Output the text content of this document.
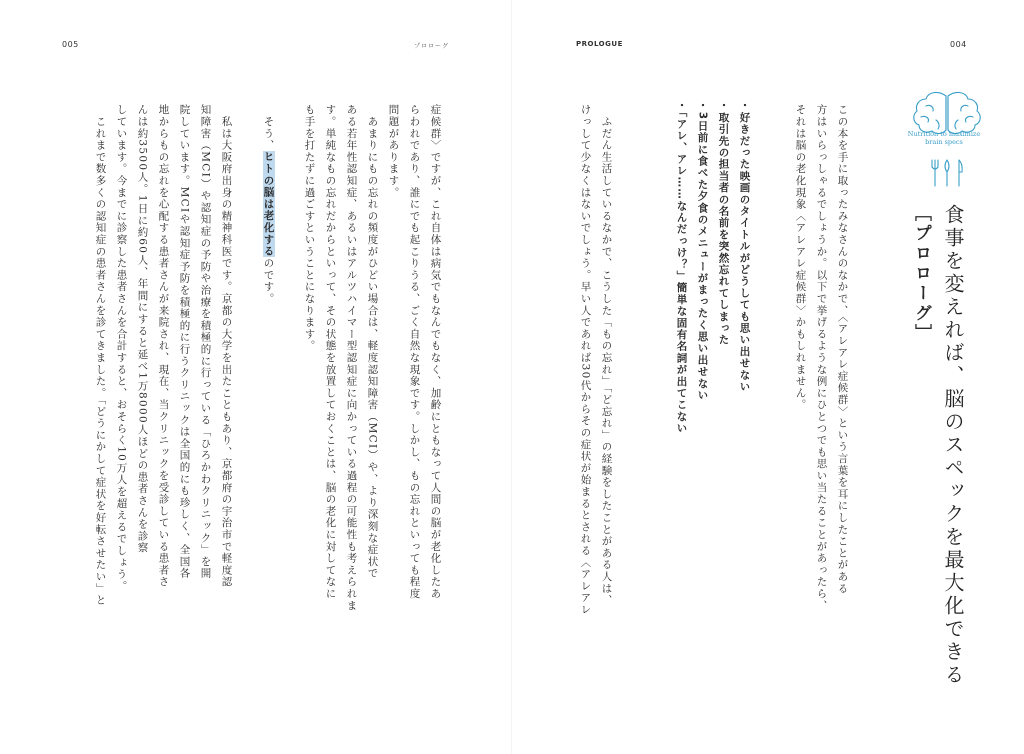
005	プロローグ
症候群〉ですが、これ自体は病気でもなんでもなく、加齢にともなって人間の脳が老化したあ
らわれであり、誰にでも起こりうる、ごく自然な現象です。しかし、もの忘れといっても程度
問題があります。
　あまりにもの忘れの頻度がひどい場合は、軽度認知障害（MCI）や、より深刻な症状で
ある若年性認知症、あるいはアルツハイマー型認知症に向かっている過程の可能性も考えられま
す。単純なもの忘れだからといって、その状態を放置しておくことは、脳の老化に対してなに
も手を打たずに過ごすということになります。
　そう、ヒトの脳は老化するのです。
　私は大阪府出身の精神科医です。京都の大学を出たこともあり、京都府の宇治市で軽度認
知障害（MCI）や認知症の予防や治療を積極的に行っている「ひろかわクリニック」を開
院しています。MCIや認知症予防を積極的に行うクリニックは全国的にも珍しく、全国各
地からもの忘れを心配する患者さんが来院され、現在、当クリニックを受診している患者さ
んは約3500人。1日に約60人、年間にすると延べ1万8000人ほどの患者さんを診察
しています。今までに診察した患者さんを合計すると、おそらく10万人を超えるでしょう。
　これまで数多くの認知症の患者さんを診てきました。「どうにかして症状を好転させたい」と
PROLOGUE	004
この本を手に取ったみなさんのなかで、〈アレアレ症候群〉という言葉を耳にしたことがある
方はいらっしゃるでしょうか。以下で挙げるような例にひとつでも思い当たることがあったら、
それは脳の老化現象〈アレアレ症候群〉かもしれません。
・好きだった映画のタイトルがどうしても思い出せない
・取引先の担当者の名前を突然忘れてしまった
・3日前に食べた夕食のメニューがまったく思い出せない
・「アレ、アレ……なんだっけ？」簡単な固有名詞が出てこない
　ふだん生活しているなかで、こうした「もの忘れ」「ど忘れ」の経験をしたことがある人は、
けっして少なくはないでしょう。早い人であれば30代からその症状が始まるとされる〈アレアレ	食事を変えれば、脳のスペックを最大化できる
［プロローグ］
Nutrition to maximize
brain specs
